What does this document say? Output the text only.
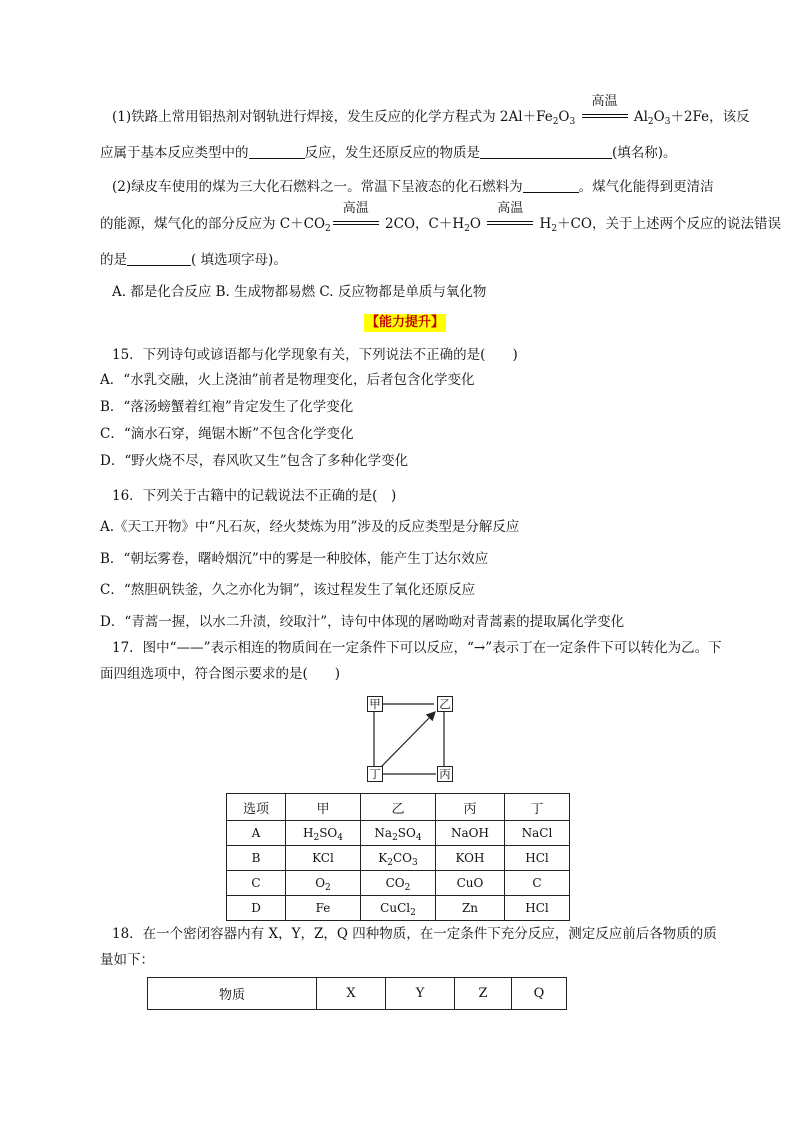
(1)铁路上常用铝热剂对钢轨进行焊接，发生反应的化学方程式为 $2Al+Fe_2O_3$
高温
$Al_2O_3+2Fe$，该反
应属于基本反应类型中的	反应，发生还原反应的物质是	(填名称)。
(2)绿皮车使用的煤为三大化石燃料之一。常温下呈液态的化石燃料为	。煤气化能得到更清洁
的能源，煤气化的部分反应为 $C+CO_2$
高温
2CO，$C+H_2O$
高温
$H_2+CO$，关于上述两个反应的说法错误
的是	( 填选项字母)。
A. 都是化合反应 B. 生成物都易燃 C. 反应物都是单质与氧化物
【能力提升】
15．下列诗句或谚语都与化学现象有关，下列说法不正确的是(　　)
A．“水乳交融，火上浇油”前者是物理变化，后者包含化学变化
B．“落汤螃蟹着红袍”肯定发生了化学变化
C．“滴水石穿，绳锯木断”不包含化学变化
D．“野火烧不尽，春风吹又生”包含了多种化学变化
16．下列关于古籍中的记载说法不正确的是(　)
A.《天工开物》中“凡石灰，经火焚炼为用”涉及的反应类型是分解反应
B．“朝坛雾卷，曙岭烟沉”中的雾是一种胶体，能产生丁达尔效应
C．“熬胆矾铁釜，久之亦化为铜”，该过程发生了氧化还原反应
D．“青蒿一握，以水二升渍，绞取汁”，诗句中体现的屠呦呦对青蒿素的提取属化学变化
17．图中“——”表示相连的物质间在一定条件下可以反应，“→”表示丁在一定条件下可以转化为乙。下
面四组选项中，符合图示要求的是(　　)
甲	乙
丁	丙
选项	甲	乙	丙	丁
A	$H_2SO_4$	$Na_2SO_4$	NaOH	NaCl
B	KCl	$K_2CO_3$	KOH	HCl
C	$O_2$	$CO_2$	CuO	C
D	Fe	CuCl$_2$	Zn	HCl
18．在一个密闭容器内有 X，Y，Z，Q 四种物质，在一定条件下充分反应，测定反应前后各物质的质
量如下：
物质	X	Y	Z	Q
